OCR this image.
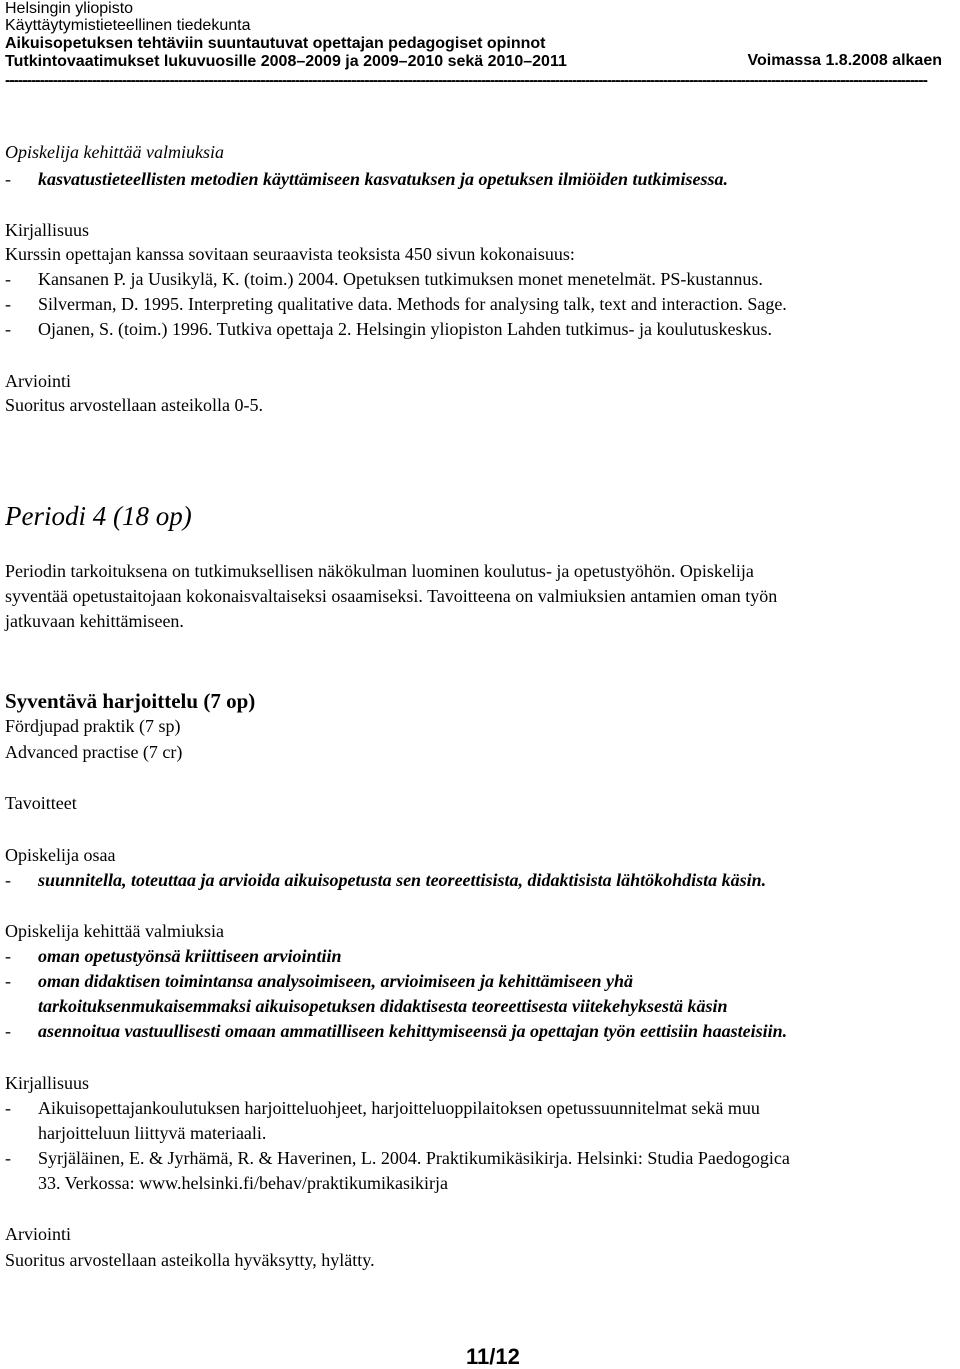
Helsingin yliopisto
Käyttäytymistieteellinen tiedekunta
Aikuisopetuksen tehtäviin suuntautuvat opettajan pedagogiset opinnot
Tutkintovaatimukset lukuvuosille 2008–2009 ja 2009–2010 sekä 2010–2011	Voimassa 1.8.2008 alkaen
---------------------------------------------------------------------------------------------------------------------------------------------------------------------------------------------------------------------
Opiskelija kehittää valmiuksia
- kasvatustieteellisten metodien käyttämiseen kasvatuksen ja opetuksen ilmiöiden tutkimisessa.
Kirjallisuus
Kurssin opettajan kanssa sovitaan seuraavista teoksista 450 sivun kokonaisuus:
- Kansanen P. ja Uusikylä, K. (toim.) 2004. Opetuksen tutkimuksen monet menetelmät. PS-kustannus.
- Silverman, D. 1995. Interpreting qualitative data. Methods for analysing talk, text and interaction. Sage.
- Ojanen, S. (toim.) 1996. Tutkiva opettaja 2. Helsingin yliopiston Lahden tutkimus- ja koulutuskeskus.
Arviointi
Suoritus arvostellaan asteikolla 0-5.
Periodi 4 (18 op)
Periodin tarkoituksena on tutkimuksellisen näkökulman luominen koulutus- ja opetustyöhön. Opiskelija
syventää opetustaitojaan kokonaisvaltaiseksi osaamiseksi. Tavoitteena on valmiuksien antamien oman työn
jatkuvaan kehittämiseen.
Syventävä harjoittelu (7 op)
Fördjupad praktik (7 sp)
Advanced practise (7 cr)
Tavoitteet
Opiskelija osaa
- suunnitella, toteuttaa ja arvioida aikuisopetusta sen teoreettisista, didaktisista lähtökohdista käsin.
Opiskelija kehittää valmiuksia
- oman opetustyönsä kriittiseen arviointiin
- oman didaktisen toimintansa analysoimiseen, arvioimiseen ja kehittämiseen yhä
tarkoituksenmukaisemmaksi aikuisopetuksen didaktisesta teoreettisesta viitekehyksestä käsin
- asennoitua vastuullisesti omaan ammatilliseen kehittymiseensä ja opettajan työn eettisiin haasteisiin.
Kirjallisuus
- Aikuisopettajankoulutuksen harjoitteluohjeet, harjoitteluoppilaitoksen opetussuunnitelmat sekä muu
harjoitteluun liittyvä materiaali.
- Syrjäläinen, E. & Jyrhämä, R. & Haverinen, L. 2004. Praktikumikäsikirja. Helsinki: Studia Paedogogica
33. Verkossa: www.helsinki.fi/behav/praktikumikasikirja
Arviointi
Suoritus arvostellaan asteikolla hyväksytty, hylätty.
11/12
